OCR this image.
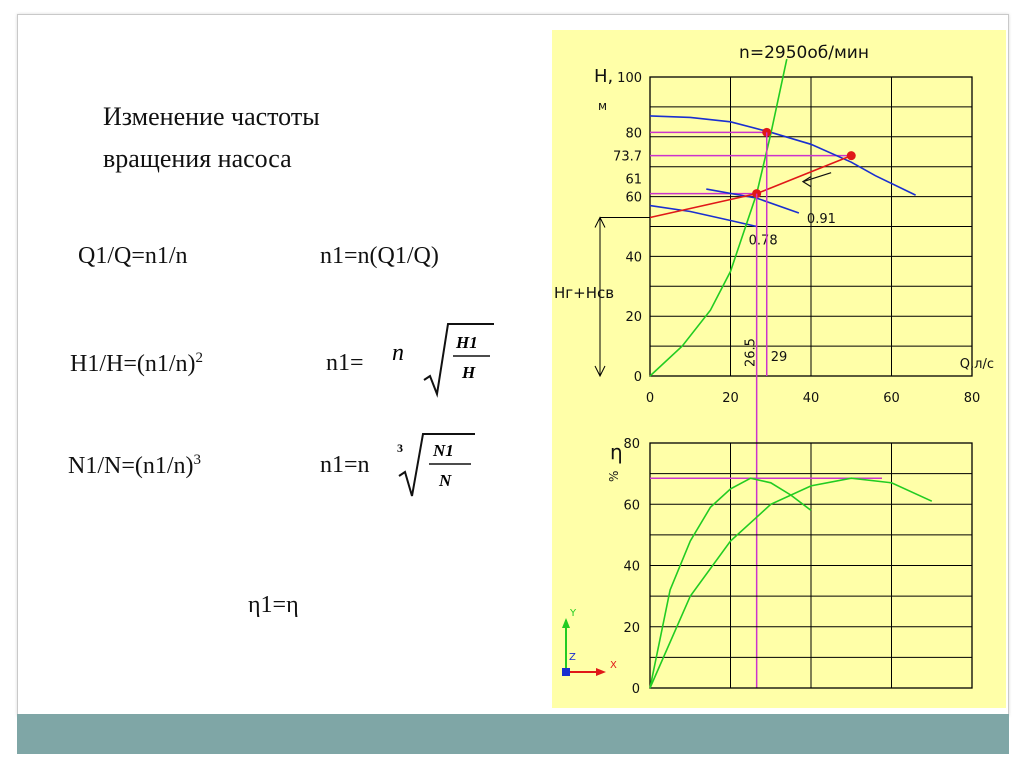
Изменение частоты
вращения насоса
Q1/Q=n1/n	n1=n(Q1/Q)
$H1/H=(n1/n)^2$	n1= n	H1
H
$N1/N=(n1/n)^3$	n1=n
3 N1
N
η1=η
0
20
40
60
100
0	20	40	60	80
n=2950об/мин
H,
м
Q,л/с
80
73.7
61
Hг+Hсв
0.91
0.78
26.5 29
0
20
40
60
80
η
%
Y
X
Z
